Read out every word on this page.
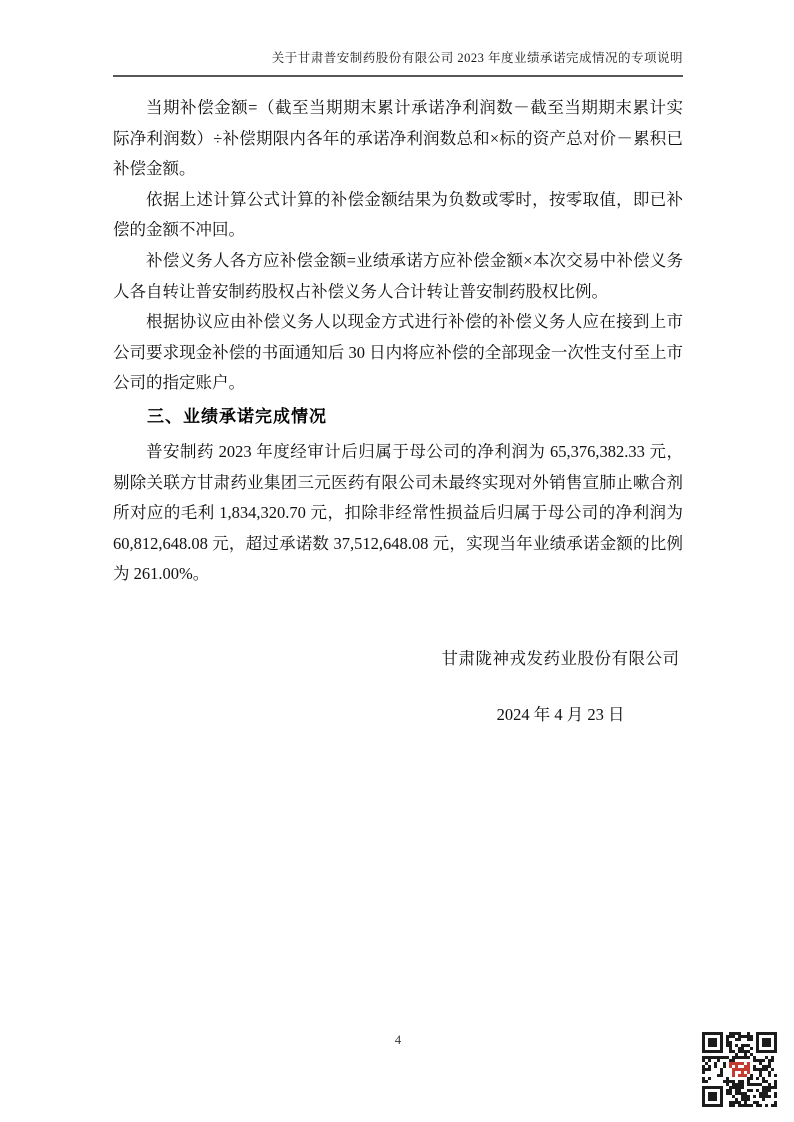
关于甘肃普安制药股份有限公司 2023 年度业绩承诺完成情况的专项说明

当期补偿金额=（截至当期期末累计承诺净利润数－截至当期期末累计实际净利润数）÷补偿期限内各年的承诺净利润数总和×标的资产总对价－累积已补偿金额。

依据上述计算公式计算的补偿金额结果为负数或零时，按零取值，即已补偿的金额不冲回。

补偿义务人各方应补偿金额=业绩承诺方应补偿金额×本次交易中补偿义务人各自转让普安制药股权占补偿义务人合计转让普安制药股权比例。

根据协议应由补偿义务人以现金方式进行补偿的补偿义务人应在接到上市公司要求现金补偿的书面通知后 30 日内将应补偿的全部现金一次性支付至上市公司的指定账户。

三、业绩承诺完成情况

普安制药 2023 年度经审计后归属于母公司的净利润为 65,376,382.33 元，剔除关联方甘肃药业集团三元医药有限公司未最终实现对外销售宣肺止嗽合剂所对应的毛利 1,834,320.70 元，扣除非经常性损益后归属于母公司的净利润为 60,812,648.08 元，超过承诺数 37,512,648.08 元，实现当年业绩承诺金额的比例为 261.00%。

甘肃陇神戎发药业股份有限公司
2024 年 4 月 23 日
4
